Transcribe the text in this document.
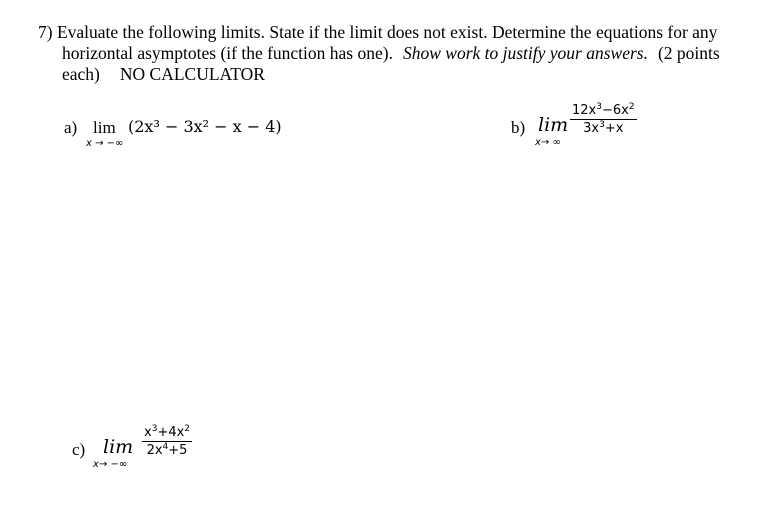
7) Evaluate the following limits. State if the limit does not exist. Determine the equations for any horizontal asymptotes (if the function has one). Show work to justify your answers. (2 points each) NO CALCULATOR
a) lim
x → −∞
(2x³ − 3x² − x − 4)	b) lim
x→ ∞
$12x^3-6x^2$
$3x^3+x$
c) lim
x→ −∞
$x^3+4x^2$
$2x^4+5$
